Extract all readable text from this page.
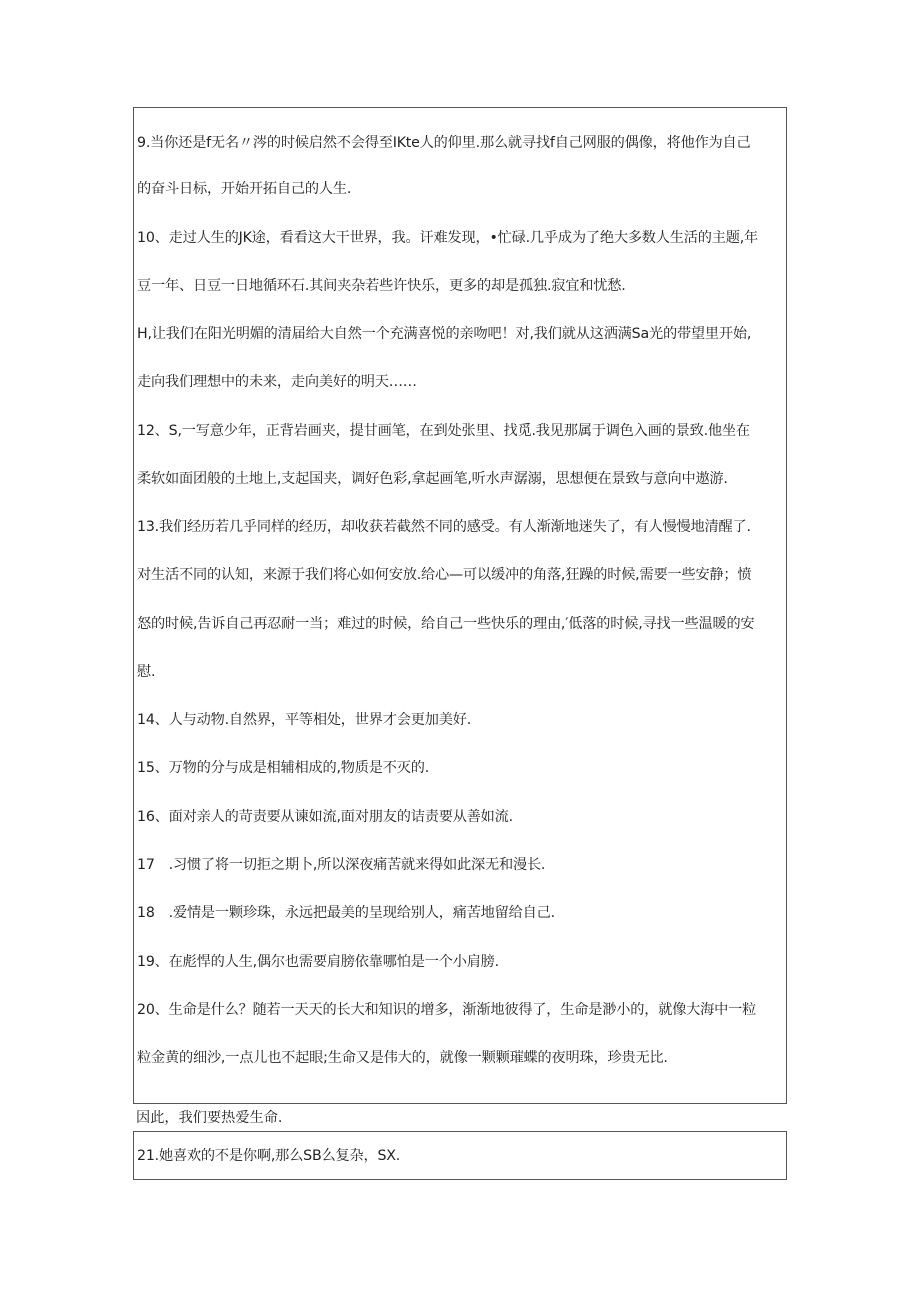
9.当你还是f无名〃涔的时候启然不会得至IKte人的仰里.那么就寻找f自己网服的偶像，将他作为自己
的奋斗日标，开始开拓自己的人生.
10、走过人生的JK途，看看这大干世界，我。讦难发现，•忙碌.几乎成为了绝大多数人生活的主题,年
豆一年、日豆一日地循环石.其间夹杂若些许快乐，更多的却是孤独.寂宜和忧愁.
H,让我们在阳光明媚的清届给大自然一个充满喜悦的亲吻吧！对,我们就从这洒满Sa光的带望里开始,
走向我们理想中的未来，走向美好的明天……
12、S,一写意少年，正背岩画夹，提甘画笔，在到处张里、找觅.我见那属于调色入画的景致.他坐在
柔软如面团般的土地上,支起国夹，调好色彩,拿起画笔,听水声潺溺，思想便在景致与意向中遨游.
13.我们经历若几乎同样的经历，却收获若截然不同的感受。有人渐渐地迷失了，有人慢慢地清醒了.
对生活不同的认知，来源于我们将心如何安放.给心—可以缓冲的角落,狂躁的时候,需要一些安静；愤
怒的时候,告诉自己再忍耐一当；难过的时候，给自己一些快乐的理由,′低落的时候,寻找一些温暖的安
慰.
14、人与动物.自然界，平等相处，世界才会更加美好.
15、万物的分与成是相辅相成的,物质是不灭的.
16、面对亲人的苛责要从谏如流,面对朋友的诘责要从善如流.
17　.习惯了将一切拒之期卜,所以深夜痛苦就来得如此深无和漫长.
18　.爱情是一颗珍珠，永远把最美的呈现给别人，痛苦地留给自己.
19、在彪悍的人生,偶尔也需要肩膀依靠哪怕是一个小肩膀.
20、生命是什么？随若一天天的长大和知识的增多，渐渐地彼得了，生命是渺小的，就像大海中一粒
粒金黄的细沙,一点儿也不起眼;生命又是伟大的，就像一颗颗璀蝶的夜明珠，珍贵无比.
因此，我们要热爱生命.
21.她喜欢的不是你啊,那么SB么复杂，SX.
